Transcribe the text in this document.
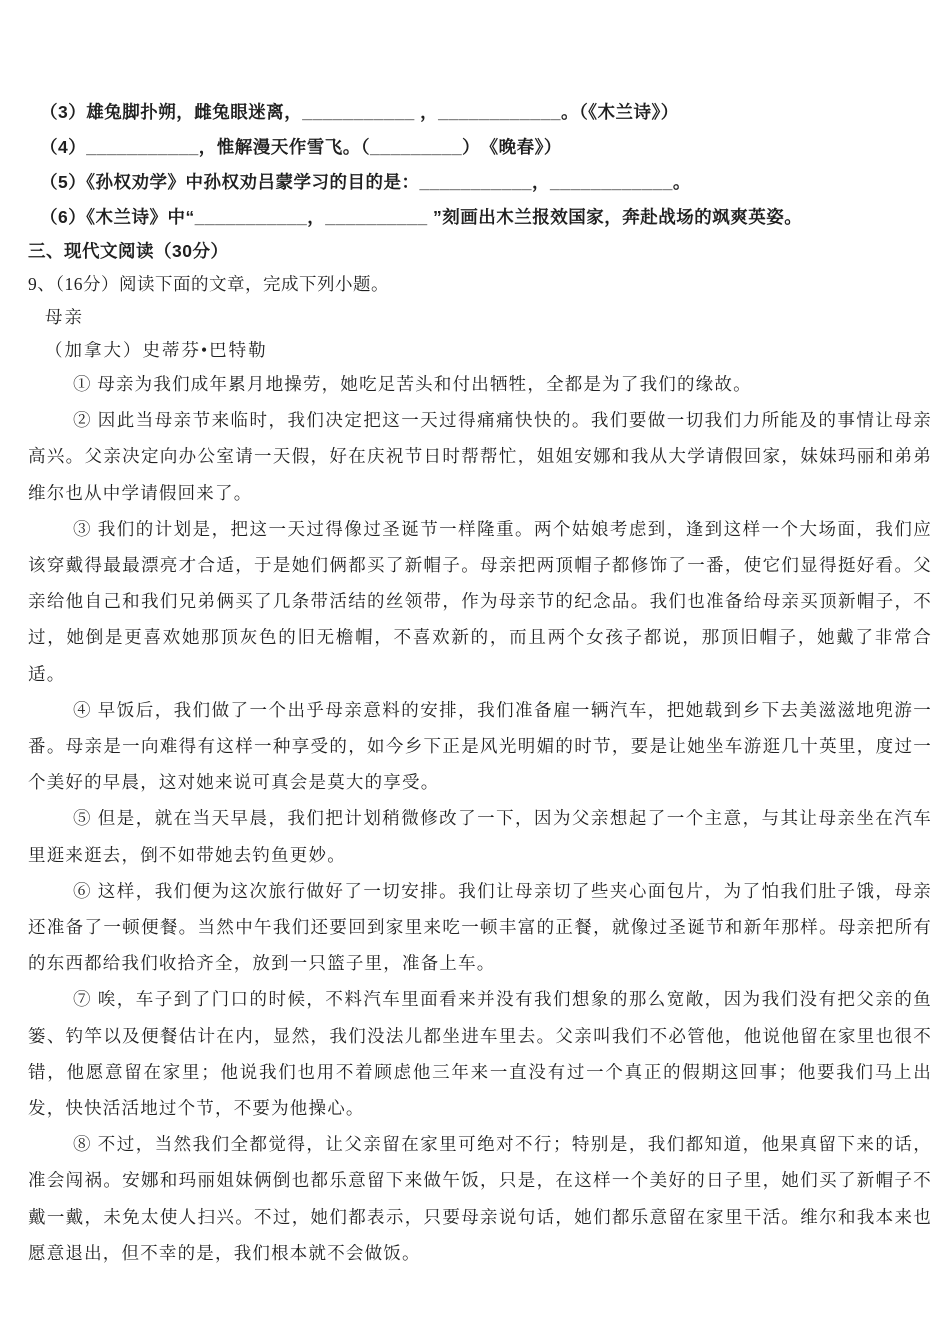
（3）雄兔脚扑朔，雌兔眼迷离，___________ ，____________。（《木兰诗》）

（4）___________，惟解漫天作雪飞。（_________）　《晚春》）

（5）《孙权劝学》中孙权劝吕蒙学习的目的是：___________，____________。

（6）《木兰诗》中“___________，__________ ”刻画出木兰报效国家，奔赴战场的飒爽英姿。

三、现代文阅读（30分）

9、（16分）阅读下面的文章，完成下列小题。

母亲

（加拿大）史蒂芬•巴特勒

① 母亲为我们成年累月地操劳，她吃足苦头和付出牺牲，全都是为了我们的缘故。

② 因此当母亲节来临时，我们决定把这一天过得痛痛快快的。我们要做一切我们力所能及的事情让母亲高兴。父亲决定向办公室请一天假，好在庆祝节日时帮帮忙，姐姐安娜和我从大学请假回家，妹妹玛丽和弟弟维尔也从中学请假回来了。

③ 我们的计划是，把这一天过得像过圣诞节一样隆重。两个姑娘考虑到，逢到这样一个大场面，我们应该穿戴得最最漂亮才合适，于是她们俩都买了新帽子。母亲把两顶帽子都修饰了一番，使它们显得挺好看。父亲给他自己和我们兄弟俩买了几条带活结的丝领带，作为母亲节的纪念品。我们也准备给母亲买顶新帽子，不过，她倒是更喜欢她那顶灰色的旧无檐帽，不喜欢新的，而且两个女孩子都说，那顶旧帽子，她戴了非常合适。

④ 早饭后，我们做了一个出乎母亲意料的安排，我们准备雇一辆汽车，把她载到乡下去美滋滋地兜游一番。母亲是一向难得有这样一种享受的，如今乡下正是风光明媚的时节，要是让她坐车游逛几十英里，度过一个美好的早晨，这对她来说可真会是莫大的享受。

⑤ 但是，就在当天早晨，我们把计划稍微修改了一下，因为父亲想起了一个主意，与其让母亲坐在汽车里逛来逛去，倒不如带她去钓鱼更妙。

⑥ 这样，我们便为这次旅行做好了一切安排。我们让母亲切了些夹心面包片，为了怕我们肚子饿，母亲还准备了一顿便餐。当然中午我们还要回到家里来吃一顿丰富的正餐，就像过圣诞节和新年那样。母亲把所有的东西都给我们收拾齐全，放到一只篮子里，准备上车。

⑦ 唉，车子到了门口的时候，不料汽车里面看来并没有我们想象的那么宽敞，因为我们没有把父亲的鱼篓、钓竿以及便餐估计在内，显然，我们没法儿都坐进车里去。父亲叫我们不必管他，他说他留在家里也很不错，他愿意留在家里；他说我们也用不着顾虑他三年来一直没有过一个真正的假期这回事；他要我们马上出发，快快活活地过个节，不要为他操心。

⑧ 不过，当然我们全都觉得，让父亲留在家里可绝对不行；特别是，我们都知道，他果真留下来的话，准会闯祸。安娜和玛丽姐妹俩倒也都乐意留下来做午饭，只是，在这样一个美好的日子里，她们买了新帽子不戴一戴，未免太使人扫兴。不过，她们都表示，只要母亲说句话，她们都乐意留在家里干活。维尔和我本来也愿意退出，但不幸的是，我们根本就不会做饭。
